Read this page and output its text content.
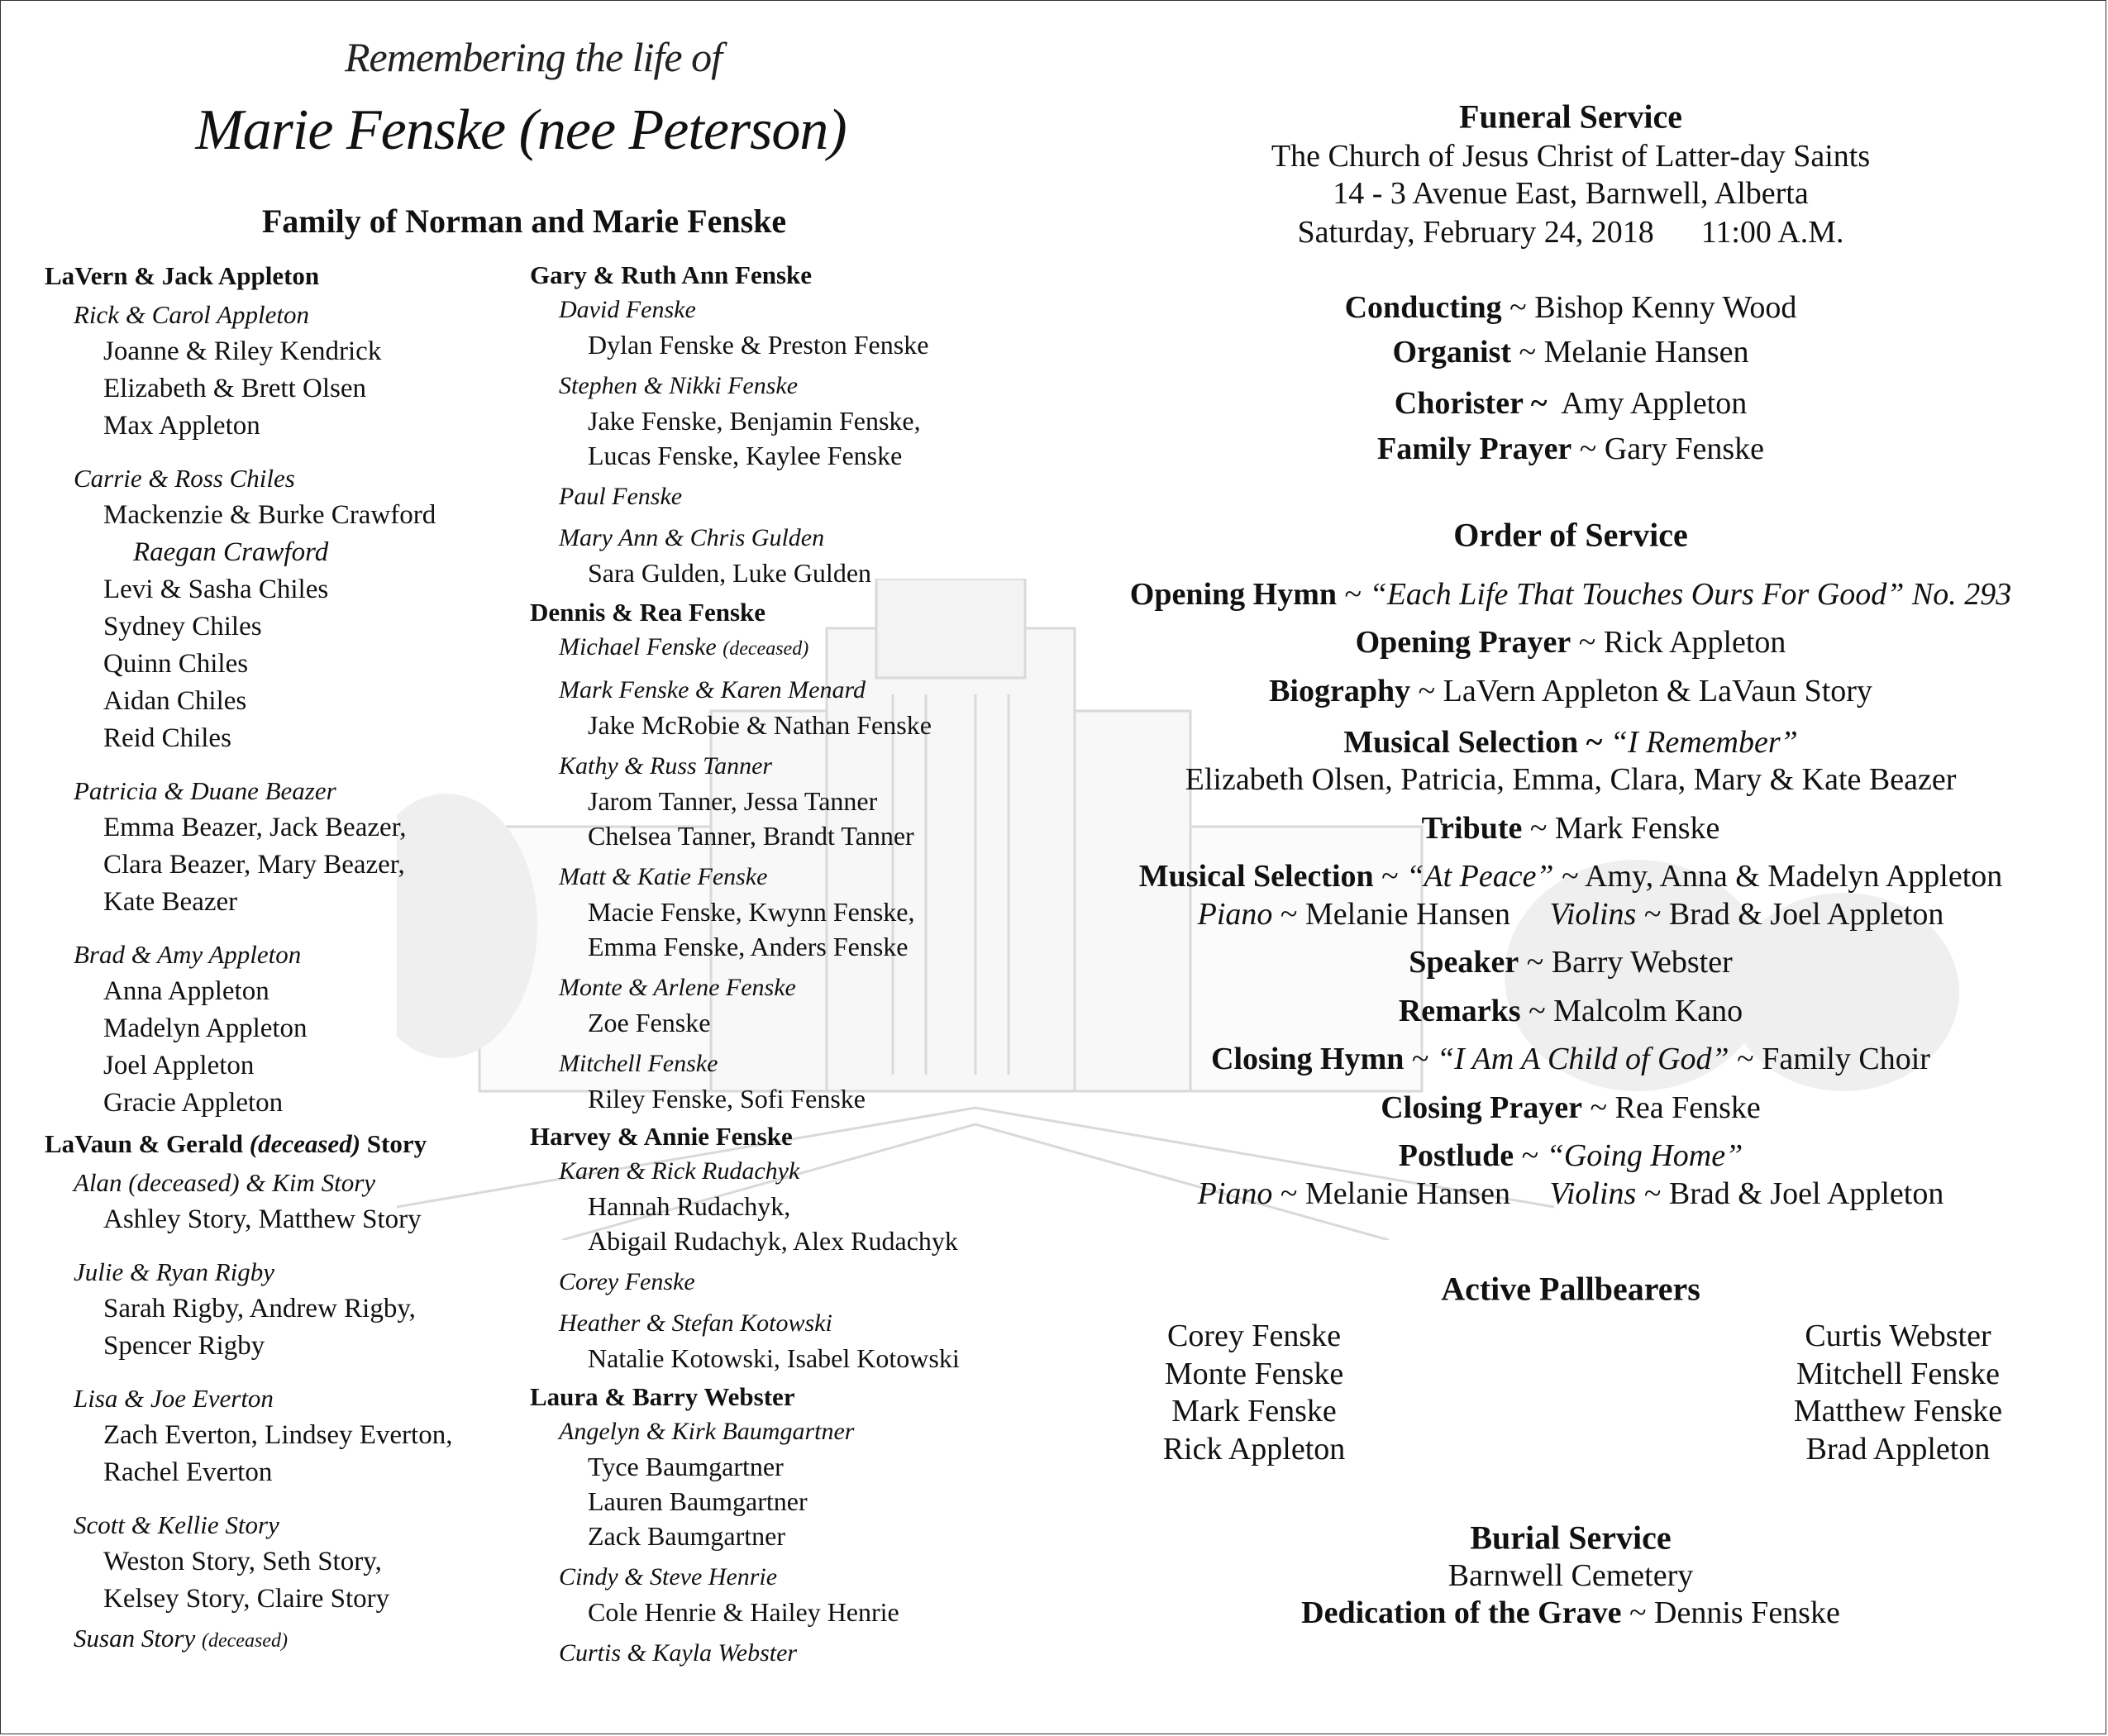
Remembering the life of
Marie Fenske (nee Peterson)
Family of Norman and Marie Fenske
LaVern & Jack Appleton
Rick & Carol Appleton
Joanne & Riley Kendrick
Elizabeth & Brett Olsen
Max Appleton
Carrie & Ross Chiles
Mackenzie & Burke Crawford
Raegan Crawford
Levi & Sasha Chiles
Sydney Chiles
Quinn Chiles
Aidan Chiles
Reid Chiles
Patricia & Duane Beazer
Emma Beazer, Jack Beazer,
Clara Beazer, Mary Beazer,
Kate Beazer
Brad & Amy Appleton
Anna Appleton
Madelyn Appleton
Joel Appleton
Gracie Appleton
LaVaun & Gerald (deceased) Story
Alan (deceased) & Kim Story
Ashley Story, Matthew Story
Julie & Ryan Rigby
Sarah Rigby, Andrew Rigby,
Spencer Rigby
Lisa & Joe Everton
Zach Everton, Lindsey Everton,
Rachel Everton
Scott & Kellie Story
Weston Story, Seth Story,
Kelsey Story, Claire Story
Susan Story (deceased)
Gary & Ruth Ann Fenske
David Fenske
Dylan Fenske & Preston Fenske
Stephen & Nikki Fenske
Jake Fenske, Benjamin Fenske,
Lucas Fenske, Kaylee Fenske
Paul Fenske
Mary Ann & Chris Gulden
Sara Gulden, Luke Gulden
Dennis & Rea Fenske
Michael Fenske (deceased)
Mark Fenske & Karen Menard
Jake McRobie & Nathan Fenske
Kathy & Russ Tanner
Jarom Tanner, Jessa Tanner
Chelsea Tanner, Brandt Tanner
Matt & Katie Fenske
Macie Fenske, Kwynn Fenske,
Emma Fenske, Anders Fenske
Monte & Arlene Fenske
Zoe Fenske
Mitchell Fenske
Riley Fenske, Sofi Fenske
Harvey & Annie Fenske
Karen & Rick Rudachyk
Hannah Rudachyk,
Abigail Rudachyk, Alex Rudachyk
Corey Fenske
Heather & Stefan Kotowski
Natalie Kotowski, Isabel Kotowski
Laura & Barry Webster
Angelyn & Kirk Baumgartner
Tyce Baumgartner
Lauren Baumgartner
Zack Baumgartner
Cindy & Steve Henrie
Cole Henrie & Hailey Henrie
Curtis & Kayla Webster
Funeral Service
The Church of Jesus Christ of Latter-day Saints
14 - 3 Avenue East, Barnwell, Alberta
Saturday, February 24, 2018      11:00 A.M.
Conducting ~ Bishop Kenny Wood
Organist ~ Melanie Hansen
Chorister ~  Amy Appleton
Family Prayer ~ Gary Fenske
Order of Service
Opening Hymn ~ “Each Life That Touches Ours For Good” No. 293
Opening Prayer ~ Rick Appleton
Biography ~ LaVern Appleton & LaVaun Story
Musical Selection ~ “I Remember”
Elizabeth Olsen, Patricia, Emma, Clara, Mary & Kate Beazer
Tribute ~ Mark Fenske
Musical Selection ~ “At Peace” ~ Amy, Anna & Madelyn Appleton
Piano ~ Melanie Hansen     Violins ~ Brad & Joel Appleton
Speaker ~ Barry Webster
Remarks ~ Malcolm Kano
Closing Hymn ~ “I Am A Child of God” ~ Family Choir
Closing Prayer ~ Rea Fenske
Postlude ~ “Going Home”
Piano ~ Melanie Hansen     Violins ~ Brad & Joel Appleton
Active Pallbearers
Burial Service
Barnwell Cemetery
Dedication of the Grave ~ Dennis Fenske
Corey Fenske
Monte Fenske
Mark Fenske
Rick Appleton
Curtis Webster
Mitchell Fenske
Matthew Fenske
Brad Appleton
